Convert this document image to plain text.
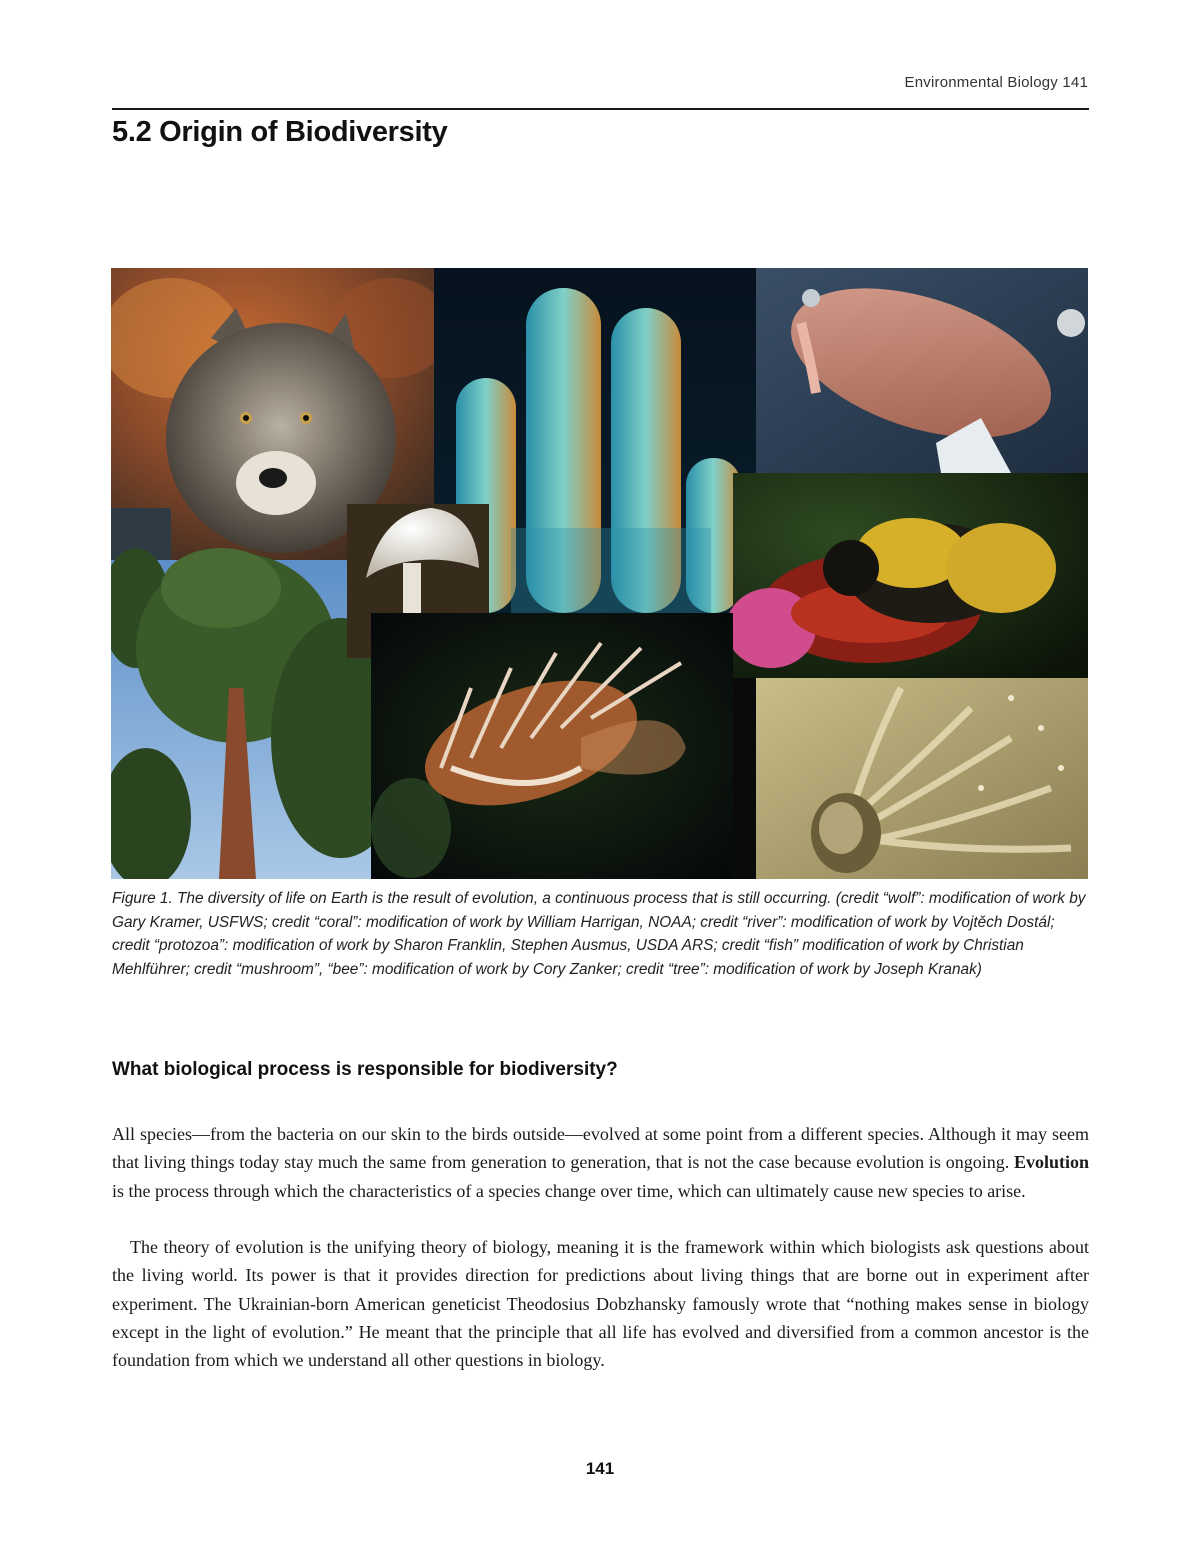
Environmental Biology 141
5.2 Origin of Biodiversity

Figure 1. The diversity of life on Earth is the result of evolution, a continuous process that is still occurring. (credit “wolf”: modification of work by Gary Kramer, USFWS; credit “coral”: modification of work by William Harrigan, NOAA; credit “river”: modification of work by Vojtěch Dostál; credit “protozoa”: modification of work by Sharon Franklin, Stephen Ausmus, USDA ARS; credit “fish” modification of work by Christian Mehlführer; credit “mushroom”, “bee”: modification of work by Cory Zanker; credit “tree”: modification of work by Joseph Kranak)

What biological process is responsible for biodiversity?

All species—from the bacteria on our skin to the birds outside—evolved at some point from a different species. Although it may seem that living things today stay much the same from generation to generation, that is not the case because evolution is ongoing. Evolution is the process through which the characteristics of a species change over time, which can ultimately cause new species to arise.

The theory of evolution is the unifying theory of biology, meaning it is the framework within which biologists ask questions about the living world. Its power is that it provides direction for predictions about living things that are borne out in experiment after experiment. The Ukrainian-born American geneticist Theodosius Dobzhansky famously wrote that “nothing makes sense in biology except in the light of evolution.” He meant that the principle that all life has evolved and diversified from a common ancestor is the foundation from which we understand all other questions in biology.

141
